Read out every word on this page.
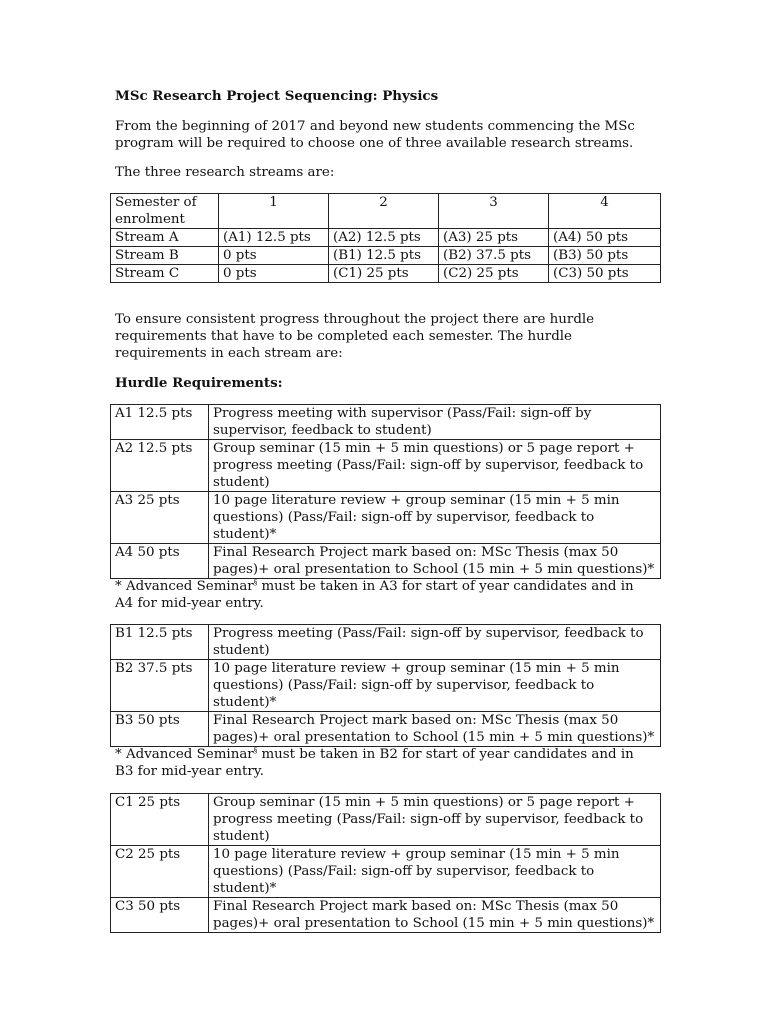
MSc Research Project Sequencing: Physics

From the beginning of 2017 and beyond new students commencing the MSc program will be required to choose one of three available research streams.

The three research streams are:

Semester of enrolment	1	2	3	4
Stream A	(A1) 12.5 pts	(A2) 12.5 pts	(A3) 25 pts	(A4) 50 pts
Stream B	0 pts	(B1) 12.5 pts	(B2) 37.5 pts	(B3) 50 pts
Stream C	0 pts	(C1) 25 pts	(C2) 25 pts	(C3) 50 pts

To ensure consistent progress throughout the project there are hurdle requirements that have to be completed each semester. The hurdle requirements in each stream are:

Hurdle Requirements:

A1 12.5 pts	Progress meeting with supervisor (Pass/Fail: sign-off by supervisor, feedback to student)
A2 12.5 pts	Group seminar (15 min + 5 min questions) or 5 page report + progress meeting (Pass/Fail: sign-off by supervisor, feedback to student)
A3 25 pts	10 page literature review + group seminar (15 min + 5 min questions) (Pass/Fail: sign-off by supervisor, feedback to student)*
A4 50 pts	Final Research Project mark based on: MSc Thesis (max 50 pages)+ oral presentation to School (15 min + 5 min questions)*

* Advanced Seminar§ must be taken in A3 for start of year candidates and in A4 for mid-year entry.

B1 12.5 pts	Progress meeting (Pass/Fail: sign-off by supervisor, feedback to student)
B2 37.5 pts	10 page literature review + group seminar (15 min + 5 min questions) (Pass/Fail: sign-off by supervisor, feedback to student)*
B3 50 pts	Final Research Project mark based on: MSc Thesis (max 50 pages)+ oral presentation to School (15 min + 5 min questions)*

* Advanced Seminar§ must be taken in B2 for start of year candidates and in B3 for mid-year entry.

C1 25 pts	Group seminar (15 min + 5 min questions) or 5 page report + progress meeting (Pass/Fail: sign-off by supervisor, feedback to student)
C2 25 pts	10 page literature review + group seminar (15 min + 5 min questions) (Pass/Fail: sign-off by supervisor, feedback to student)*
C3 50 pts	Final Research Project mark based on: MSc Thesis (max 50 pages)+ oral presentation to School (15 min + 5 min questions)*
